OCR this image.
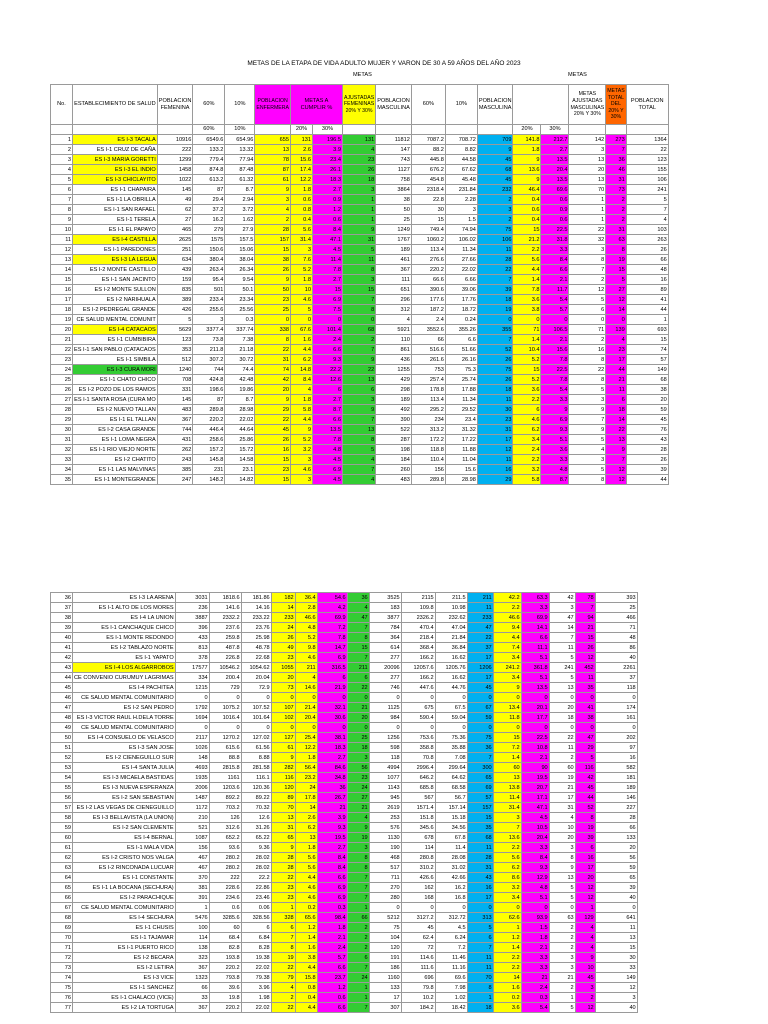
METAS DE LA ETAPA DE VIDA ADULTO MUJER Y VARON DE 30 A 59 AÑOS DEL AÑO 2023
METAS	METAS
No.	ESTABLECIMIENTO DE SALUD	POBLACION FEMENINA	60%	10%	POBLACION ENFERMERA	METAS A CUMPLIR %		AJUSTADAS FEMENINAS 20% Y 30%	POBLACION MASCULINA	60%	10%	POBLACION MASCULINA			METAS AJUSTADAS MASCULINAS 20% Y 30%	METAS TOTAL DEL 20% Y 30%	POBLACION TOTAL
			60%	10%		20%	30%						20%	30%			
1	ES I-3 TACALA	10916	6549.6	654.96	655	131	196.5	131	11812	7087.2	708.72	709	141.8	212.7	142	273	1364
2	ES I-1 CRUZ DE CAÑA	222	133.2	13.32	13	2.6	3.9	4	147	88.2	8.82	9	1.8	2.7	3	7	22
3	ES I-3 MARIA GORETTI	1299	779.4	77.94	78	15.6	23.4	23	743	445.8	44.58	45	9	13.5	13	36	123
4	ES I-3 EL INDIO	1458	874.8	87.48	87	17.4	26.1	26	1127	676.2	67.62	68	13.6	20.4	20	46	155
5	ES I-3 CHICLAYITO	1022	613.2	61.32	61	12.2	18.3	18	758	454.8	45.48	45	9	13.5	13	31	106
6	ES I-1 CHAPAIRA	145	87	8.7	9	1.8	2.7	3	3864	2318.4	231.84	232	46.4	69.6	70	73	241
7	ES I-1 LA OBRILLA	49	29.4	2.94	3	0.6	0.9	1	38	22.8	2.28	2	0.4	0.6	1	2	5
8	ES I-1 SAN RAFAEL	62	37.2	3.72	4	0.8	1.2	1	50	30	3	3	0.6	0.9	1	2	7
9	ES I-1 TERELA	27	16.2	1.62	2	0.4	0.6	1	25	15	1.5	2	0.4	0.6	1	2	4
10	ES I-1 EL PAPAYO	465	279	27.9	28	5.6	8.4	9	1249	749.4	74.94	75	15	22.5	22	31	103
11	ES I-4 CASTILLA	2625	1575	157.5	157	31.4	47.1	31	1767	1060.2	106.02	106	21.2	31.8	32	63	263
12	ES I-1 PAREDONES	251	150.6	15.06	15	3	4.5	5	189	113.4	11.34	11	2.2	3.3	3	8	26
13	ES I-3 LA LEGUA	634	380.4	38.04	38	7.6	11.4	11	461	276.6	27.66	28	5.6	8.4	8	19	66
14	ES I-2 MONTE CASTILLO	439	263.4	26.34	26	5.2	7.8	8	367	220.2	22.02	22	4.4	6.6	7	15	48
15	ES I-1 SAN JACINTO	159	95.4	9.54	9	1.8	2.7	3	111	66.6	6.66	7	1.4	2.1	2	5	16
16	ES I-2 MONTE SULLON	835	501	50.1	50	10	15	15	651	390.6	39.06	39	7.8	11.7	12	27	89
17	ES I-2 NARIHUALA	389	233.4	23.34	23	4.6	6.9	7	296	177.6	17.76	18	3.6	5.4	5	12	41
18	ES I-2 PEDREGAL GRANDE	426	255.6	25.56	25	5	7.5	8	312	187.2	18.72	19	3.8	5.7	6	14	44
19	CE SALUD MENTAL COMUNIT	5	3	0.3	0	0	0	0	4	2.4	0.24	0	0	0	0	0	1
20	ES I-4 CATACAOS	5629	3377.4	337.74	338	67.6	101.4	68	5921	3552.6	355.26	355	71	106.5	71	139	693
21	ES I-1 CUMBIBIRA	123	73.8	7.38	8	1.6	2.4	2	110	66	6.6	7	1.4	2.1	2	4	15
22	ES I-1 SAN PABLO (CATACAOS	353	211.8	21.18	22	4.4	6.6	7	861	516.6	51.66	52	10.4	15.6	16	23	74
23	ES I-1 SIMBILA	512	307.2	30.72	31	6.2	9.3	9	436	261.6	26.16	26	5.2	7.8	8	17	57
24	ES I-3 CURA MORI	1240	744	74.4	74	14.8	22.2	22	1255	753	75.3	75	15	22.5	22	44	149
25	ES I-1 CHATO CHICO	708	424.8	42.48	42	8.4	12.6	13	429	257.4	25.74	26	5.2	7.8	8	21	68
26	ES I-2 POZO DE LOS RAMOS	331	198.6	19.86	20	4	6	6	298	178.8	17.88	18	3.6	5.4	5	11	38
27	ES I-1 SANTA ROSA (CURA MO	145	87	8.7	9	1.8	2.7	3	189	113.4	11.34	11	2.2	3.3	3	6	20
28	ES I-2 NUEVO TALLAN	483	289.8	28.98	29	5.8	8.7	9	492	295.2	29.52	30	6	9	9	18	59
29	ES I-1 EL TALLAN	367	220.2	22.02	22	4.4	6.6	7	390	234	23.4	23	4.6	6.9	7	14	45
30	ES I-2 CASA GRANDE	744	446.4	44.64	45	9	13.5	13	522	313.2	31.32	31	6.2	9.3	9	22	76
31	ES I-1 LOMA NEGRA	431	258.6	25.86	26	5.2	7.8	8	287	172.2	17.22	17	3.4	5.1	5	13	43
32	ES I-1 RIO VIEJO NORTE	262	157.2	15.72	16	3.2	4.8	5	198	118.8	11.88	12	2.4	3.6	4	9	28
33	ES I-2 CHATITO	243	145.8	14.58	15	3	4.5	4	184	110.4	11.04	11	2.2	3.3	3	7	26
34	ES I-1 LAS MALVINAS	385	231	23.1	23	4.6	6.9	7	260	156	15.6	16	3.2	4.8	5	12	39
35	ES I-1 MONTEGRANDE	247	148.2	14.82	15	3	4.5	4	483	289.8	28.98	29	5.8	8.7	8	12	44
36	ES I-3 LA ARENA	3031	1818.6	181.86	182	36.4	54.6	36	3525	2115	211.5	211	42.2	63.3	42	78	393
37	ES I-1 ALTO DE LOS MORES	236	141.6	14.16	14	2.8	4.2	4	183	109.8	10.98	11	2.2	3.3	3	7	25
38	ES I-4 LA UNION	3887	2332.2	233.22	233	46.6	69.9	47	3877	2326.2	232.62	233	46.6	69.9	47	94	466
39	ES I-1 CANCHAQUE CHICO	396	237.6	23.76	24	4.8	7.2	7	784	470.4	47.04	47	9.4	14.1	14	21	71
40	ES I-1 MONTE REDONDO	433	259.8	25.98	26	5.2	7.8	8	364	218.4	21.84	22	4.4	6.6	7	15	48
41	ES I-2 TABLAZO NORTE	813	487.8	48.78	49	9.8	14.7	15	614	368.4	36.84	37	7.4	11.1	11	26	86
42	ES I-1 YAPATO	378	226.8	22.68	23	4.6	6.9	7	277	166.2	16.62	17	3.4	5.1	5	12	40
43	ES I-4 LOS ALGARROBOS	17577	10546.2	1054.62	1055	211	316.5	211	20096	12057.6	1205.76	1206	241.2	361.8	241	452	2261
44	CE CONVENIO CURUMUY LAGRIMAS	334	200.4	20.04	20	4	6	6	277	166.2	16.62	17	3.4	5.1	5	11	37
45	ES I-4 PACHITEA	1215	729	72.9	73	14.6	21.9	22	746	447.6	44.76	45	9	13.5	13	35	118
46	CE SALUD MENTAL COMUNITARIO	0	0	0	0	0	0	0	0	0	0	0	0	0	0	0	0
47	ES I-2 SAN PEDRO	1792	1075.2	107.52	107	21.4	32.1	21	1125	675	67.5	67	13.4	20.1	20	41	174
48	ES I-3 VICTOR RAUL H.DELA TORRE	1694	1016.4	101.64	102	20.4	30.6	20	984	590.4	59.04	59	11.8	17.7	18	38	161
49	CE SALUD MENTAL COMUNITARIO	0	0	0	0	0	0	0	0	0	0	0	0	0	0	0	0
50	ES I-4 CONSUELO DE VELASCO	2117	1270.2	127.02	127	25.4	38.1	25	1256	753.6	75.36	75	15	22.5	22	47	202
51	ES I-3 SAN JOSE	1026	615.6	61.56	61	12.2	18.3	18	598	358.8	35.88	36	7.2	10.8	11	29	97
52	ES I-2 CIENEGUILLO SUR	148	88.8	8.88	9	1.8	2.7	3	118	70.8	7.08	7	1.4	2.1	2	5	16
53	ES I-4 SANTA JULIA	4693	2815.8	281.58	282	56.4	84.6	56	4994	2996.4	299.64	300	60	90	60	116	582
54	ES I-3 MICAELA BASTIDAS	1935	1161	116.1	116	23.2	34.8	23	1077	646.2	64.62	65	13	19.5	19	42	181
55	ES I-3 NUEVA ESPERANZA	2006	1203.6	120.36	120	24	36	24	1143	685.8	68.58	69	13.8	20.7	21	45	189
56	ES I-2 SAN SEBASTIAN	1487	892.2	89.22	89	17.8	26.7	27	945	567	56.7	57	11.4	17.1	17	44	146
57	ES I-2 LAS VEGAS DE CIENEGUILLO	1172	703.2	70.32	70	14	21	21	2619	1571.4	157.14	157	31.4	47.1	31	52	227
58	ES I-3 BELLAVISTA (LA UNION)	210	126	12.6	13	2.6	3.9	4	253	151.8	15.18	15	3	4.5	4	8	28
59	ES I-2 SAN CLEMENTE	521	312.6	31.26	31	6.2	9.3	9	576	345.6	34.56	35	7	10.5	10	19	66
60	ES I-4 BERNAL	1087	652.2	65.22	65	13	19.5	19	1130	678	67.8	68	13.6	20.4	20	39	133
61	ES I-1 MALA VIDA	156	93.6	9.36	9	1.8	2.7	3	190	114	11.4	11	2.2	3.3	3	6	20
62	ES I-2 CRISTO NOS VALGA	467	280.2	28.02	28	5.6	8.4	8	468	280.8	28.08	28	5.6	8.4	8	16	56
63	ES I-2 RINCONADA LUCUAR	467	280.2	28.02	28	5.6	8.4	8	517	310.2	31.02	31	6.2	9.3	9	17	59
64	ES I-1 CONSTANTE	370	222	22.2	22	4.4	6.6	7	711	426.6	42.66	43	8.6	12.9	13	20	65
65	ES I-1 LA BOCANA (SECHURA)	381	228.6	22.86	23	4.6	6.9	7	270	162	16.2	16	3.2	4.8	5	12	39
66	ES I-2 PARACHIQUE	391	234.6	23.46	23	4.6	6.9	7	280	168	16.8	17	3.4	5.1	5	12	40
67	CE SALUD MENTAL COMUNITARIO	1	0.6	0.06	1	0.2	0.3	1	0	0	0	0	0	0	0	1	0
68	ES I-4 SECHURA	5476	3285.6	328.56	328	65.6	98.4	66	5212	3127.2	312.72	313	62.6	93.9	63	129	641
69	ES I-1 CHUSIS	100	60	6	6	1.2	1.8	2	75	45	4.5	5	1	1.5	2	4	11
70	ES I-1 TAJAMAR	114	68.4	6.84	7	1.4	2.1	2	104	62.4	6.24	6	1.2	1.8	2	4	13
71	ES I-1 PUERTO RICO	138	82.8	8.28	8	1.6	2.4	2	120	72	7.2	7	1.4	2.1	2	4	15
72	ES I-2 BECARA	323	193.8	19.38	19	3.8	5.7	6	191	114.6	11.46	11	2.2	3.3	3	9	30
73	ES I-2 LETIRA	367	220.2	22.02	22	4.4	6.6	7	186	111.6	11.16	11	2.2	3.3	3	10	33
74	ES I-3 VICE	1323	793.8	79.38	79	15.8	23.7	24	1160	696	69.6	70	14	21	21	45	149
75	ES I-1 SANCHEZ	66	39.6	3.96	4	0.8	1.2	1	133	79.8	7.98	8	1.6	2.4	2	3	12
76	ES I-1 CHALACO (VICE)	33	19.8	1.98	2	0.4	0.6	1	17	10.2	1.02	1	0.2	0.3	1	2	3
77	ES I-2 LA TORTUGA	367	220.2	22.02	22	4.4	6.6	7	307	184.2	18.42	18	3.6	5.4	5	12	40
